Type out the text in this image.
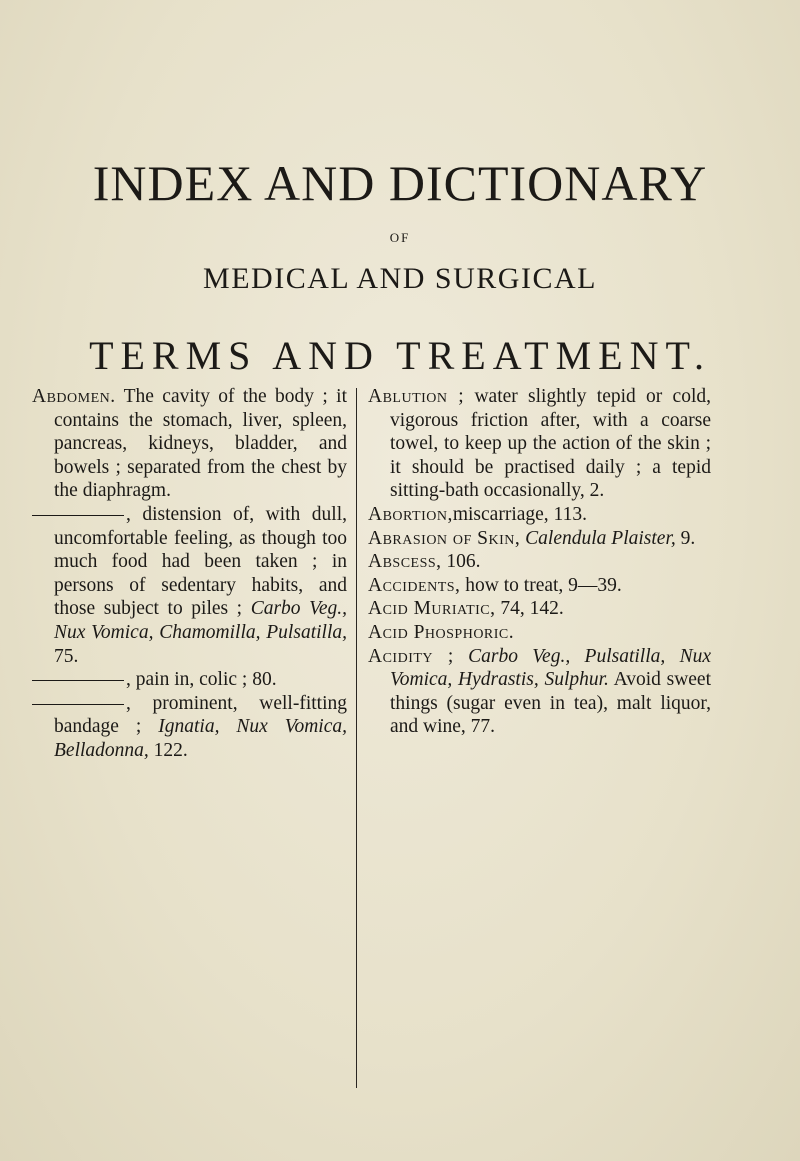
INDEX AND DICTIONARY
OF
MEDICAL AND SURGICAL
TERMS AND TREATMENT.

Abdomen. The cavity of the body ; it contains the stomach, liver, spleen, pancreas, kidneys, bladder, and bowels ; separated from the chest by the diaphragm.

, distension of, with dull, uncomfortable feeling, as though too much food had been taken ; in persons of sedentary habits, and those subject to piles ; Carbo Veg., Nux Vomica, Chamomilla, Pulsatilla, 75.

, pain in, colic ; 80.

, prominent, well-fitting bandage ; Ignatia, Nux Vomica, Belladonna, 122.

Ablution ; water slightly tepid or cold, vigorous friction after, with a coarse towel, to keep up the action of the skin ; it should be practised daily ; a tepid sitting-bath occasionally, 2.

Abortion,miscarriage, 113.

Abrasion of Skin, Calendula Plaister, 9.

Abscess, 106.

Accidents, how to treat, 9—39.

Acid Muriatic, 74, 142.

Acid Phosphoric.

Acidity ; Carbo Veg., Pulsatilla, Nux Vomica, Hydrastis, Sulphur. Avoid sweet things (sugar even in tea), malt liquor, and wine, 77.
